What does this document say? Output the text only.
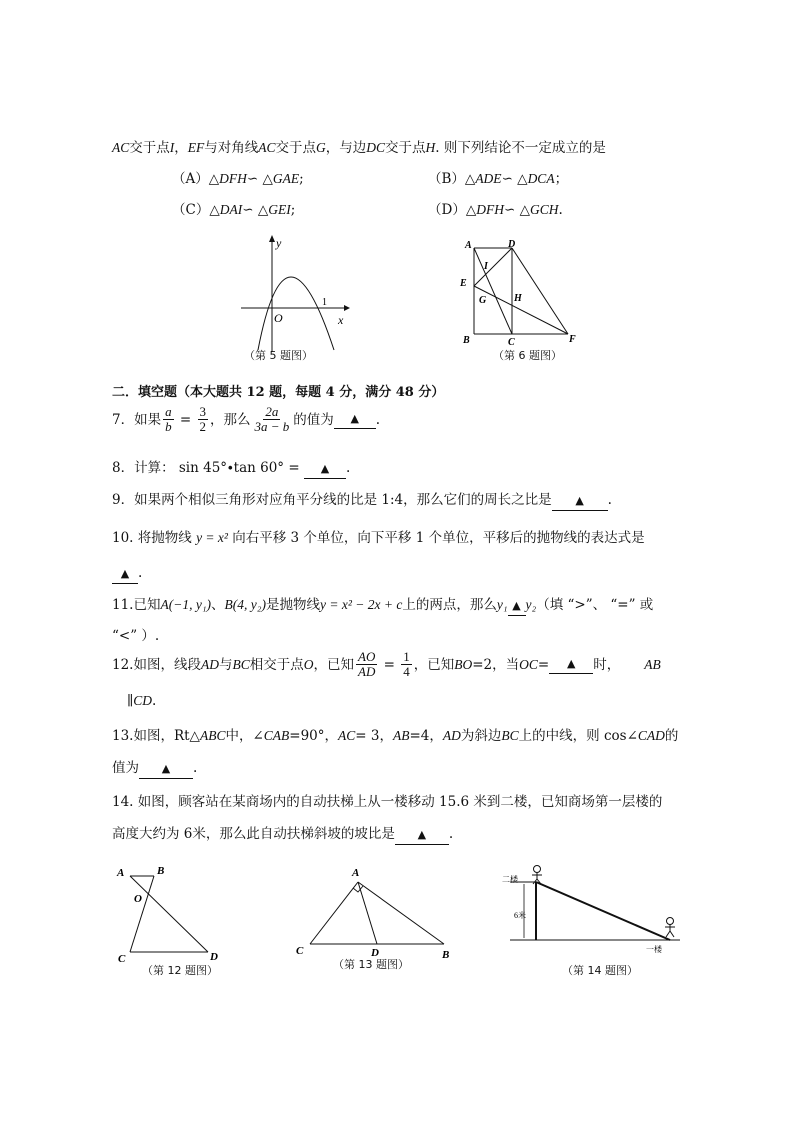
AC交于点I，EF与对角线AC交于点G，与边DC交于点H. 则下列结论不一定成立的是
（A）△DFH∽ △GAE;	（B）△ADE∽ △DCA；
（C）△DAI∽ △GEI;	（D）△DFH∽ △GCH.
y
x
O
1
（第 5 题图）
A	D
E
I
G	H
B	C	F
（第 6 题图）
二．填空题（本大题共 12 题，每题 4 分，满分 48 分）
7．如果 $\frac{a}{b} = \frac{3}{2}$ ，那么 $\frac{2a}{3a - b}$ 的值为	▲	.
8．计算： sin 45°∙tan 60° = ▲ .
9．如果两个相似三角形对应角平分线的比是 1:4，那么它们的周长之比是 ▲ .
10. 将抛物线 y = x² 向右平移 3 个单位，向下平移 1 个单位，平移后的抛物线的表达式是
▲ .
11.已知A(−1, y₁)、B(4, y₂)是抛物线y = x² − 2x + c上的两点，那么y₁ ▲ y₂（填 “>”、 “=” 或
“<” ）.
12.如图，线段 AD 与 BC 相交于点 O ，已知 $\frac{AO}{AD} = \frac{1}{4}$ ，已知 BO =2，当 OC =	▲	时， AB
∥CD.
13.如图，Rt△ABC中，∠CAB=90°，AC= 3，AB=4，AD为斜边BC上的中线，则 cos∠CAD的
值为 ▲ .
14. 如图，顾客站在某商场内的自动扶梯上从一楼移动 15.6 米到二楼，已知商场第一层楼的
高度大约为 6米，那么此自动扶梯斜坡的坡比是 ▲ .
A	B
O
C	D
（第 12 题图）
A
C	D	B
（第 13 题图）
二楼
6米
一楼
（第 14 题图）
